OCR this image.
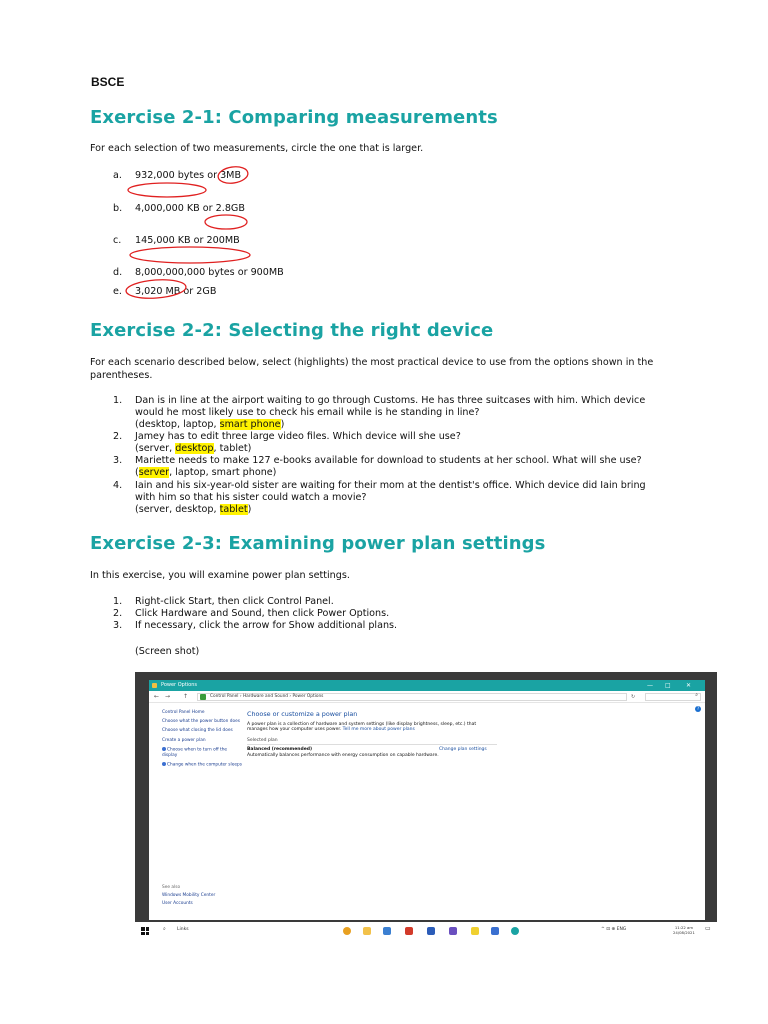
BSCE
Exercise 2-1: Comparing measurements
For each selection of two measurements, circle the one that is larger.
a. 932,000 bytes or 3MB
b. 4,000,000 KB or 2.8GB
c. 145,000 KB or 200MB
d. 8,000,000,000 bytes or 900MB
e. 3,020 MB or 2GB
Exercise 2-2: Selecting the right device
For each scenario described below, select (highlights) the most practical device to use from the options shown in the parentheses.
1. Dan is in line at the airport waiting to go through Customs. He has three suitcases with him. Which device
would he most likely use to check his email while is he standing in line?
(desktop, laptop, smart phone)
2. Jamey has to edit three large video files. Which device will she use?
(server, desktop, tablet)
3. Mariette needs to make 127 e-books available for download to students at her school. What will she use?
(server, laptop, smart phone)
4. Iain and his six-year-old sister are waiting for their mom at the dentist's office. Which device did Iain bring
with him so that his sister could watch a movie?
(server, desktop, tablet)
Exercise 2-3: Examining power plan settings
In this exercise, you will examine power plan settings.
1. Right-click Start, then click Control Panel.
2. Click Hardware and Sound, then click Power Options.
3. If necessary, click the arrow for Show additional plans.
(Screen shot)
Power Options	— □	✕
← → ↑	Control Panel › Hardware and Sound › Power Options	↻	⌕
?
Control Panel Home
Choose what the power button does
Choose what closing the lid does
Create a power plan
Choose when to turn off the display
Change when the computer sleeps
See also
Windows Mobility Center
User Accounts
Choose or customize a power plan
A power plan is a collection of hardware and system settings (like display brightness, sleep, etc.) that manages how your computer uses power. Tell me more about power plans
Selected plan
Balanced (recommended)
Automatically balances performance with energy consumption on capable hardware.
Change plan settings
⌕ Links	^ ⊡ ⊕ ENG	11:22 am
24/08/2021 ▭
